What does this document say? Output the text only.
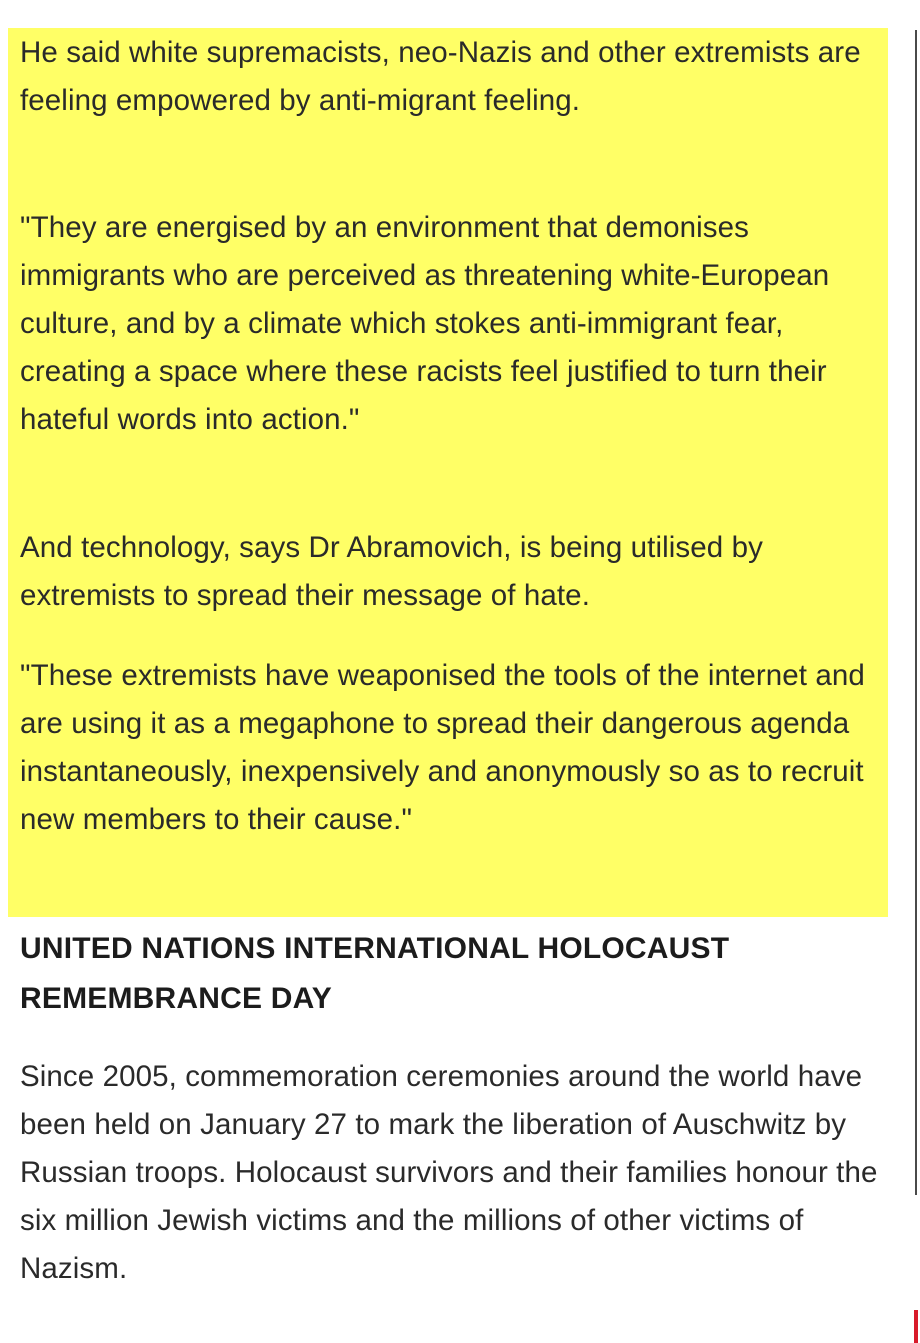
He said white supremacists, neo-Nazis and other extremists are feeling empowered by anti-migrant feeling.

"They are energised by an environment that demonises immigrants who are perceived as threatening white-European culture, and by a climate which stokes anti-immigrant fear, creating a space where these racists feel justified to turn their hateful words into action."

And technology, says Dr Abramovich, is being utilised by extremists to spread their message of hate.

"These extremists have weaponised the tools of the internet and are using it as a megaphone to spread their dangerous agenda instantaneously, inexpensively and anonymously so as to recruit new members to their cause."

UNITED NATIONS INTERNATIONAL HOLOCAUST REMEMBRANCE DAY

Since 2005, commemoration ceremonies around the world have been held on January 27 to mark the liberation of Auschwitz by Russian troops. Holocaust survivors and their families honour the six million Jewish victims and the millions of other victims of Nazism.
